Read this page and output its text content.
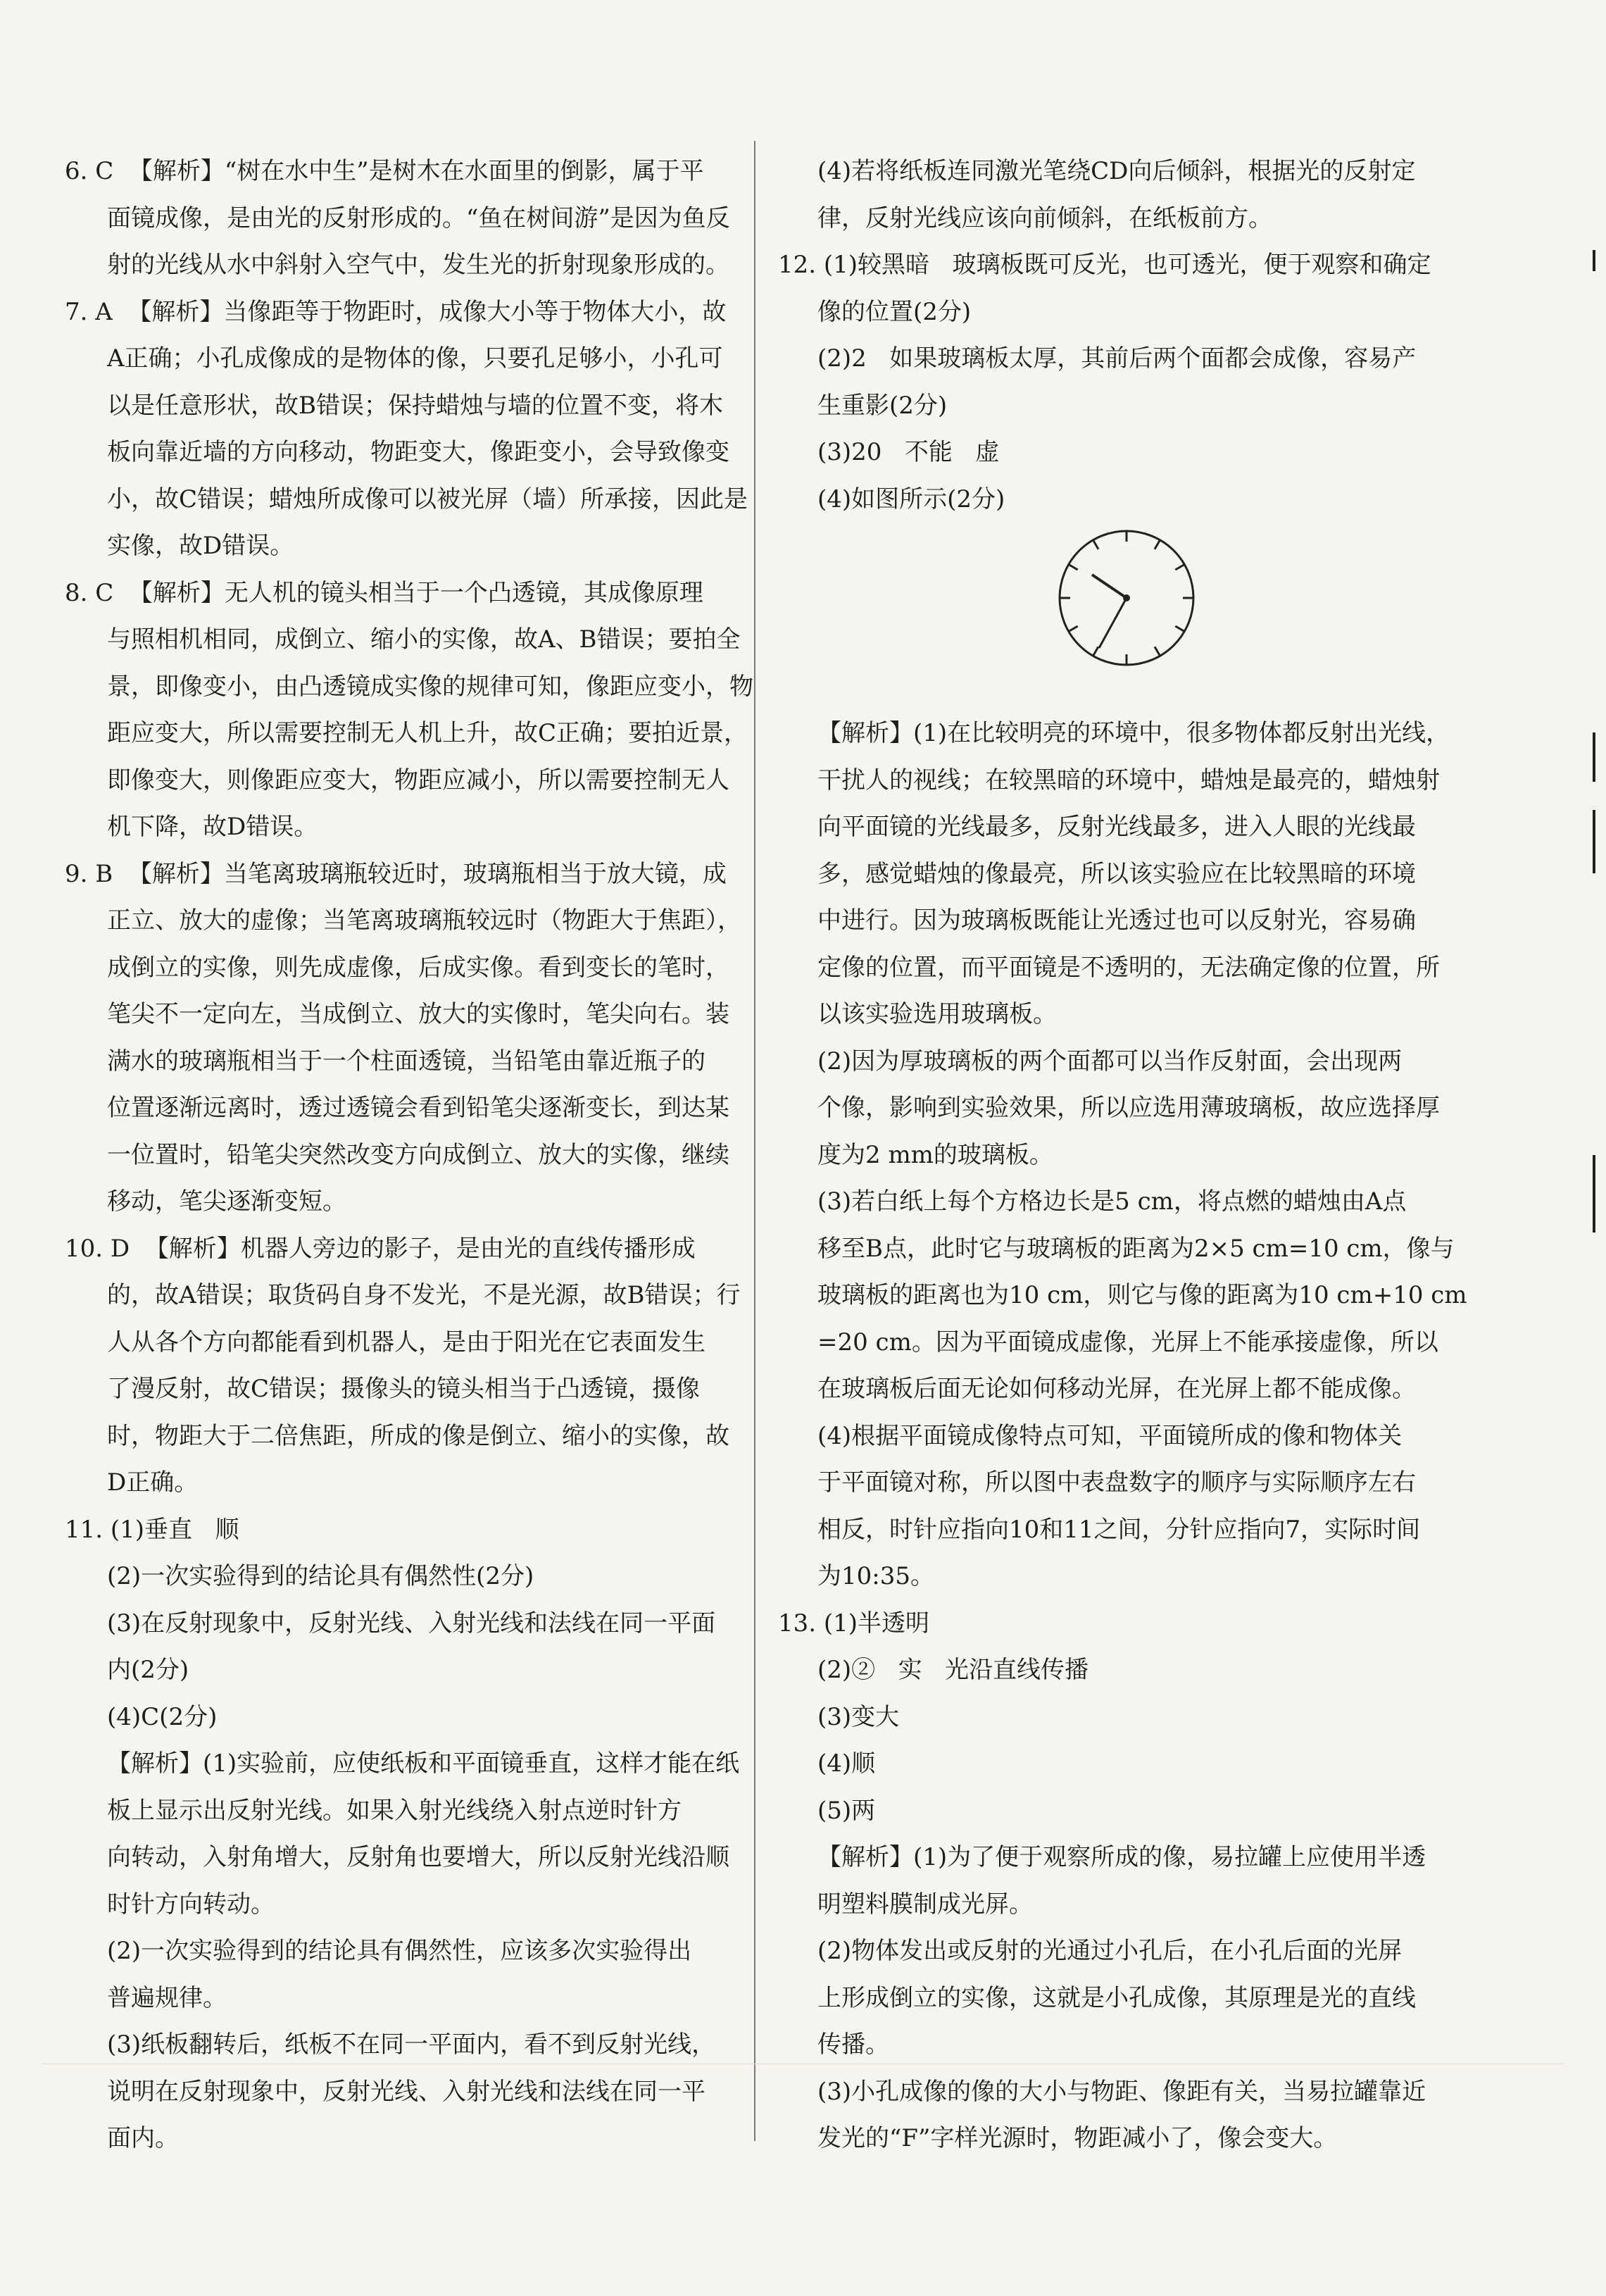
6. C  【解析】“树在水中生”是树木在水面里的倒影，属于平

面镜成像，是由光的反射形成的。“鱼在树间游”是因为鱼反

射的光线从水中斜射入空气中，发生光的折射现象形成的。

7. A  【解析】当像距等于物距时，成像大小等于物体大小，故

A正确；小孔成像成的是物体的像，只要孔足够小，小孔可

以是任意形状，故B错误；保持蜡烛与墙的位置不变，将木

板向靠近墙的方向移动，物距变大，像距变小，会导致像变

小，故C错误；蜡烛所成像可以被光屏（墙）所承接，因此是

实像，故D错误。

8. C  【解析】无人机的镜头相当于一个凸透镜，其成像原理

与照相机相同，成倒立、缩小的实像，故A、B错误；要拍全

景，即像变小，由凸透镜成实像的规律可知，像距应变小，物

距应变大，所以需要控制无人机上升，故C正确；要拍近景，

即像变大，则像距应变大，物距应减小，所以需要控制无人

机下降，故D错误。

9. B  【解析】当笔离玻璃瓶较近时，玻璃瓶相当于放大镜，成

正立、放大的虚像；当笔离玻璃瓶较远时（物距大于焦距），

成倒立的实像，则先成虚像，后成实像。看到变长的笔时，

笔尖不一定向左，当成倒立、放大的实像时，笔尖向右。装

满水的玻璃瓶相当于一个柱面透镜，当铅笔由靠近瓶子的

位置逐渐远离时，透过透镜会看到铅笔尖逐渐变长，到达某

一位置时，铅笔尖突然改变方向成倒立、放大的实像，继续

移动，笔尖逐渐变短。

10. D  【解析】机器人旁边的影子，是由光的直线传播形成

的，故A错误；取货码自身不发光，不是光源，故B错误；行

人从各个方向都能看到机器人，是由于阳光在它表面发生

了漫反射，故C错误；摄像头的镜头相当于凸透镜，摄像

时，物距大于二倍焦距，所成的像是倒立、缩小的实像，故

D正确。

11. (1)垂直   顺

(2)一次实验得到的结论具有偶然性(2分)

(3)在反射现象中，反射光线、入射光线和法线在同一平面

内(2分)

(4)C(2分)

【解析】(1)实验前，应使纸板和平面镜垂直，这样才能在纸

板上显示出反射光线。如果入射光线绕入射点逆时针方

向转动，入射角增大，反射角也要增大，所以反射光线沿顺

时针方向转动。

(2)一次实验得到的结论具有偶然性，应该多次实验得出

普遍规律。

(3)纸板翻转后，纸板不在同一平面内，看不到反射光线，

说明在反射现象中，反射光线、入射光线和法线在同一平

面内。

(4)若将纸板连同激光笔绕CD向后倾斜，根据光的反射定

律，反射光线应该向前倾斜，在纸板前方。

12. (1)较黑暗   玻璃板既可反光，也可透光，便于观察和确定

像的位置(2分)

(2)2   如果玻璃板太厚，其前后两个面都会成像，容易产

生重影(2分)

(3)20   不能   虚

(4)如图所示(2分)

【解析】(1)在比较明亮的环境中，很多物体都反射出光线，

干扰人的视线；在较黑暗的环境中，蜡烛是最亮的，蜡烛射

向平面镜的光线最多，反射光线最多，进入人眼的光线最

多，感觉蜡烛的像最亮，所以该实验应在比较黑暗的环境

中进行。因为玻璃板既能让光透过也可以反射光，容易确

定像的位置，而平面镜是不透明的，无法确定像的位置，所

以该实验选用玻璃板。

(2)因为厚玻璃板的两个面都可以当作反射面，会出现两

个像，影响到实验效果，所以应选用薄玻璃板，故应选择厚

度为2 mm的玻璃板。

(3)若白纸上每个方格边长是5 cm，将点燃的蜡烛由A点

移至B点，此时它与玻璃板的距离为2×5 cm=10 cm，像与

玻璃板的距离也为10 cm，则它与像的距离为10 cm+10 cm

=20 cm。因为平面镜成虚像，光屏上不能承接虚像，所以

在玻璃板后面无论如何移动光屏，在光屏上都不能成像。

(4)根据平面镜成像特点可知，平面镜所成的像和物体关

于平面镜对称，所以图中表盘数字的顺序与实际顺序左右

相反，时针应指向10和11之间，分针应指向7，实际时间

为10:35。

13. (1)半透明

(2)②   实   光沿直线传播

(3)变大

(4)顺

(5)两

【解析】(1)为了便于观察所成的像，易拉罐上应使用半透

明塑料膜制成光屏。

(2)物体发出或反射的光通过小孔后，在小孔后面的光屏

上形成倒立的实像，这就是小孔成像，其原理是光的直线

传播。

(3)小孔成像的像的大小与物距、像距有关，当易拉罐靠近

发光的“F”字样光源时，物距减小了，像会变大。
